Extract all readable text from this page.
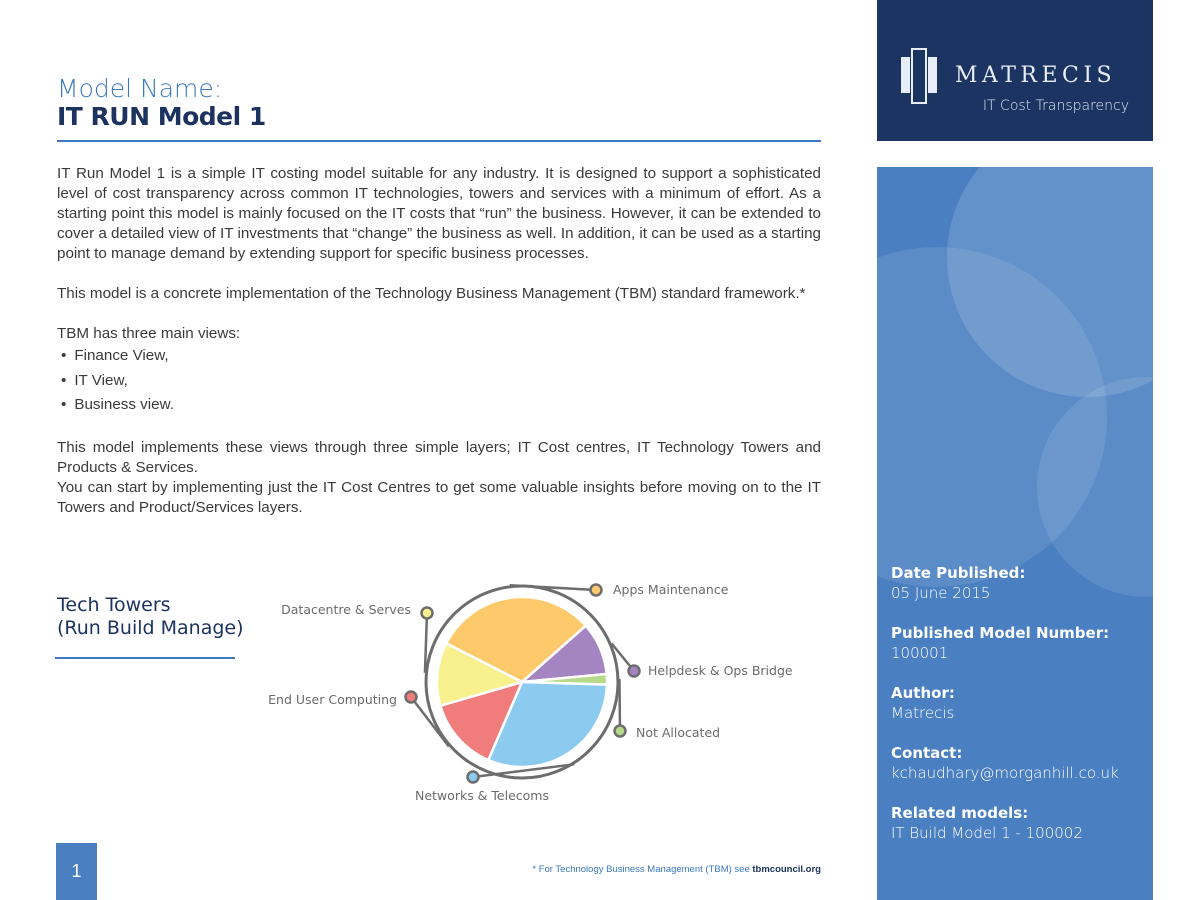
Model Name:
IT RUN Model 1

IT Run Model 1 is a simple IT costing model suitable for any industry. It is designed to support a sophisticated level of cost transparency across common IT technologies, towers and services with a minimum of effort. As a starting point this model is mainly focused on the IT costs that “run” the business. However, it can be extended to cover a detailed view of IT investments that “change” the business as well. In addition, it can be used as a starting point to manage demand by extending support for specific business processes.

This model is a concrete implementation of the Technology Business Management (TBM) standard framework.*

TBM has three main views:

• Finance View,
• IT View,
• Business view.

This model implements these views through three simple layers; IT Cost centres, IT Technology Towers and Products & Services.

You can start by implementing just the IT Cost Centres to get some valuable insights before moving on to the IT Towers and Product/Services layers.

Tech Towers
(Run Build Manage)
Apps Maintenance
Helpdesk & Ops Bridge
Not Allocated
Networks & Telecoms
End User Computing
Datacentre & Serves
1	* For Technology Business Management (TBM) see tbmcouncil.org
MATRECIS
IT Cost Transparency
Date Published:
05 June 2015
Published Model Number:
100001
Author:
Matrecis
Contact:
kchaudhary@morganhill.co.uk
Related models:
IT Build Model 1 - 100002
